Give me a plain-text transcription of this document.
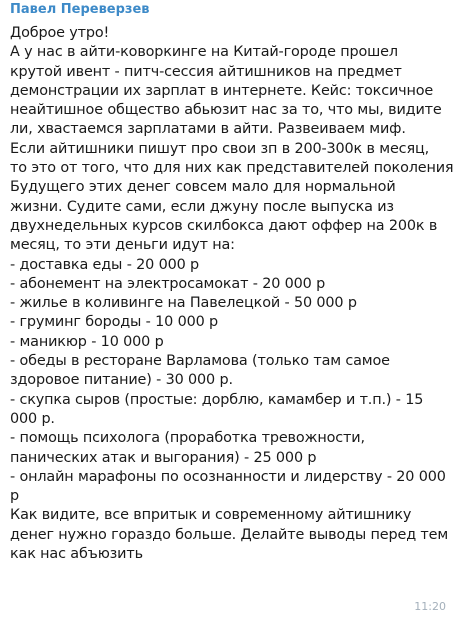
Павел Переверзев
Доброе утро!
А у нас в айти-коворкинге на Китай-городе прошел
крутой ивент - питч-сессия айтишников на предмет
демонстрации их зарплат в интернете. Кейс: токсичное
неайтишное общество абьюзит нас за то, что мы, видите
ли, хвастаемся зарплатами в айти. Развеиваем миф.
Если айтишники пишут про свои зп в 200-300к в месяц,
то это от того, что для них как представителей поколения
Будущего этих денег совсем мало для нормальной
жизни. Судите сами, если джуну после выпуска из
двухнедельных курсов скилбокса дают оффер на 200к в
месяц, то эти деньги идут на:
- доставка еды - 20 000 р
- абонемент на электросамокат - 20 000 р
- жилье в коливинге на Павелецкой - 50 000 р
- груминг бороды - 10 000 р
- маникюр - 10 000 р
- обеды в ресторане Варламова (только там самое
здоровое питание) - 30 000 р.
- скупка сыров (простые: дорблю, камамбер и т.п.) - 15
000 р.
- помощь психолога (проработка тревожности,
панических атак и выгорания) - 25 000 р
- онлайн марафоны по осознанности и лидерству - 20 000
р
Как видите, все впритык и современному айтишнику
денег нужно гораздо больше. Делайте выводы перед тем
как нас абъюзить
11:20
